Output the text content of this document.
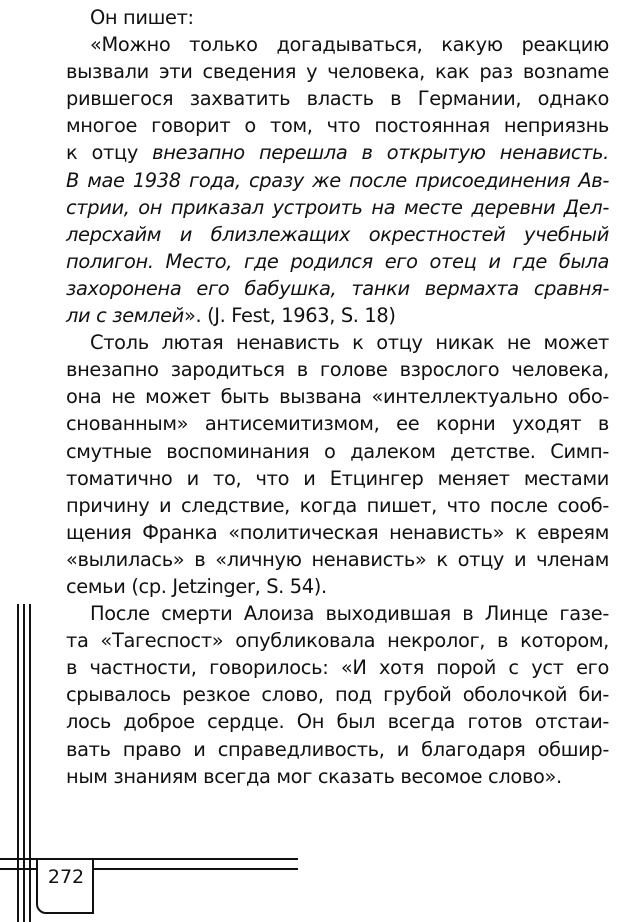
Он пишет:
«Можно только догадываться, какую реакцию
вызвали эти сведения у человека, как раз возname
рившегося захватить власть в Германии, однако
многое говорит о том, что постоянная неприязнь
к отцу внезапно перешла в открытую ненависть.
В мае 1938 года, сразу же после присоединения Ав-
стрии, он приказал устроить на месте деревни Дел-
лерсхайм и близлежащих окрестностей учебный
полигон. Место, где родился его отец и где была
захоронена его бабушка, танки вермахта сравня-
ли с землей». (J. Fest, 1963, S. 18)
Столь лютая ненависть к отцу никак не может
внезапно зародиться в голове взрослого человека,
она не может быть вызвана «интеллектуально обо-
снованным» антисемитизмом, ее корни уходят в
смутные воспоминания о далеком детстве. Симп-
томатично и то, что и Етцингер меняет местами
причину и следствие, когда пишет, что после сооб-
щения Франка «политическая ненависть» к евреям
«вылилась» в «личную ненависть» к отцу и членам
семьи (ср. Jetzinger, S. 54).
После смерти Алоиза выходившая в Линце газе-
та «Тагеспост» опубликовала некролог, в котором,
в частности, говорилось: «И хотя порой с уст его
срывалось резкое слово, под грубой оболочкой би-
лось доброе сердце. Он был всегда готов отстаи-
вать право и справедливость, и благодаря обшир-
ным знаниям всегда мог сказать весомое слово».
272
